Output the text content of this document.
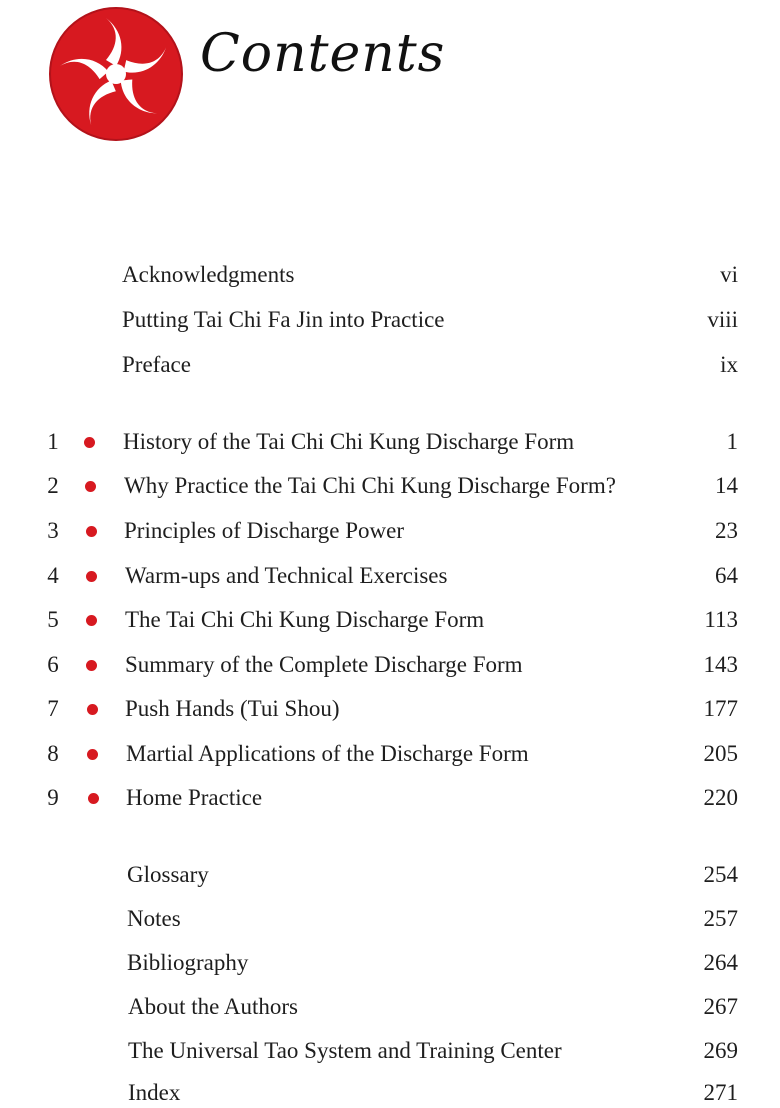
Contents
Acknowledgments	vi
Putting Tai Chi Fa Jin into Practice	viii
Preface	ix
1	History of the Tai Chi Chi Kung Discharge Form	1
2	Why Practice the Tai Chi Chi Kung Discharge Form?	14
3	Principles of Discharge Power	23
4	Warm-ups and Technical Exercises	64
5	The Tai Chi Chi Kung Discharge Form	113
6	Summary of the Complete Discharge Form	143
7	Push Hands (Tui Shou)	177
8	Martial Applications of the Discharge Form	205
9	Home Practice	220
Glossary	254
Notes	257
Bibliography	264
About the Authors	267
The Universal Tao System and Training Center	269
Index	271
